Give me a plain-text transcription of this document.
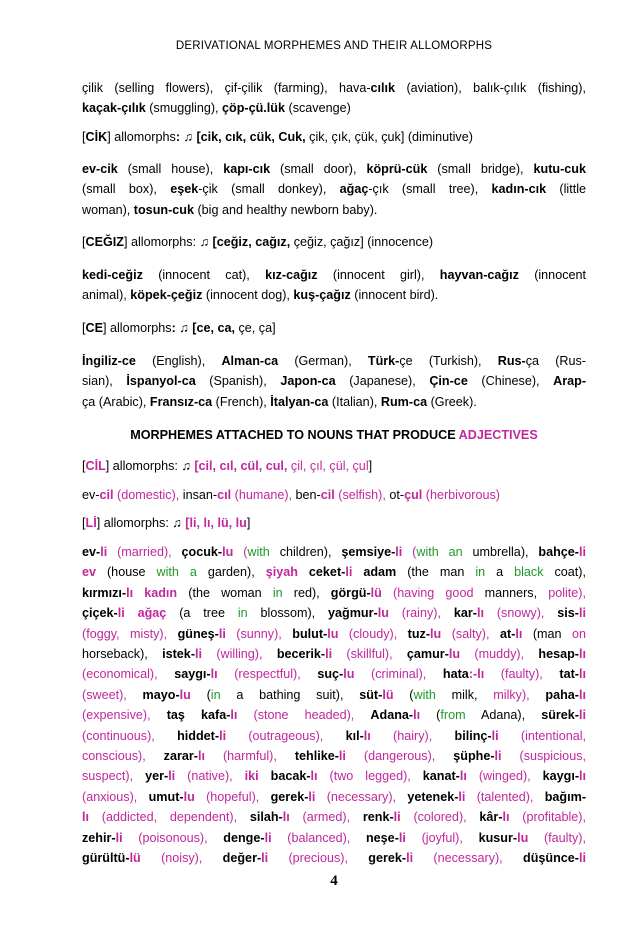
DERIVATIONAL MORPHEMES AND THEIR ALLOMORPHS
çilik (selling flowers), çif-çilik (farming), hava-cılık (aviation), balık-çılık (fishing),
kaçak-çılık (smuggling), çöp-çü.lük (scavenge)
[CİK] allomorphs: ♫ [cik, cık, cük, Cuk, çik, çık, çük, çuk] (diminutive)
ev-cik (small house), kapı-cık (small door), köprü-cük (small bridge), kutu-cuk
(small box), eşek-çik (small donkey), ağaç-çık (small tree), kadın-cık (little
woman), tosun-cuk (big and healthy newborn baby).
[CEĞIZ] allomorphs: ♫ [ceğiz, cağız, çeğiz, çağız] (innocence)
kedi-ceğiz (innocent cat), kız-cağız (innocent girl), hayvan-cağız (innocent
animal), köpek-çeğiz (innocent dog), kuş-çağız (innocent bird).
[CE] allomorphs: ♫ [ce, ca, çe, ça]
İngiliz-ce (English), Alman-ca (German), Türk-çe (Turkish), Rus-ça (Rus-
sian), İspanyol-ca (Spanish), Japon-ca (Japanese), Çin-ce (Chinese), Arap-
ça (Arabic), Fransız-ca (French), İtalyan-ca (Italian), Rum-ca (Greek).
MORPHEMES ATTACHED TO NOUNS THAT PRODUCE ADJECTIVES
[CİL] allomorphs: ♫ [cil, cıl, cül, cul, çil, çıl, çül, çul]
ev-cil (domestic), insan-cıl (humane), ben-cil (selfish), ot-çul (herbivorous)
[Lİ] allomorphs: ♫ [li, lı, lü, lu]
ev-li (married), çocuk-lu (with children), şemsiye-li (with an umbrella), bahçe-li
ev (house with a garden), şiyah ceket-li adam (the man in a black coat),
kırmızı-lı kadın (the woman in red), görgü-lü (having good manners, polite),
çiçek-li ağaç (a tree in blossom), yağmur-lu (rainy), kar-lı (snowy), sis-li
(foggy, misty), güneş-li (sunny), bulut-lu (cloudy), tuz-lu (salty), at-lı (man on
horseback), istek-li (willing), becerik-li (skillful), çamur-lu (muddy), hesap-lı
(economical), saygı-lı (respectful), suç-lu (criminal), hata:-lı (faulty), tat-lı
(sweet), mayo-lu (in a bathing suit), süt-lü (with milk, milky), paha-lı
(expensive), taş kafa-lı (stone headed), Adana-lı (from Adana), sürek-li
(continuous), hiddet-li (outrageous), kıl-lı (hairy), bilinç-li (intentional,
conscious), zarar-lı (harmful), tehlike-li (dangerous), şüphe-li (suspicious,
suspect), yer-li (native), iki bacak-lı (two legged), kanat-lı (winged), kaygı-lı
(anxious), umut-lu (hopeful), gerek-li (necessary), yetenek-li (talented), bağım-
lı (addicted, dependent), silah-lı (armed), renk-li (colored), kâr-lı (profitable),
zehir-li (poisonous), denge-li (balanced), neşe-li (joyful), kusur-lu (faulty),
gürültü-lü (noisy), değer-li (precious), gerek-li (necessary), düşünce-li
4
